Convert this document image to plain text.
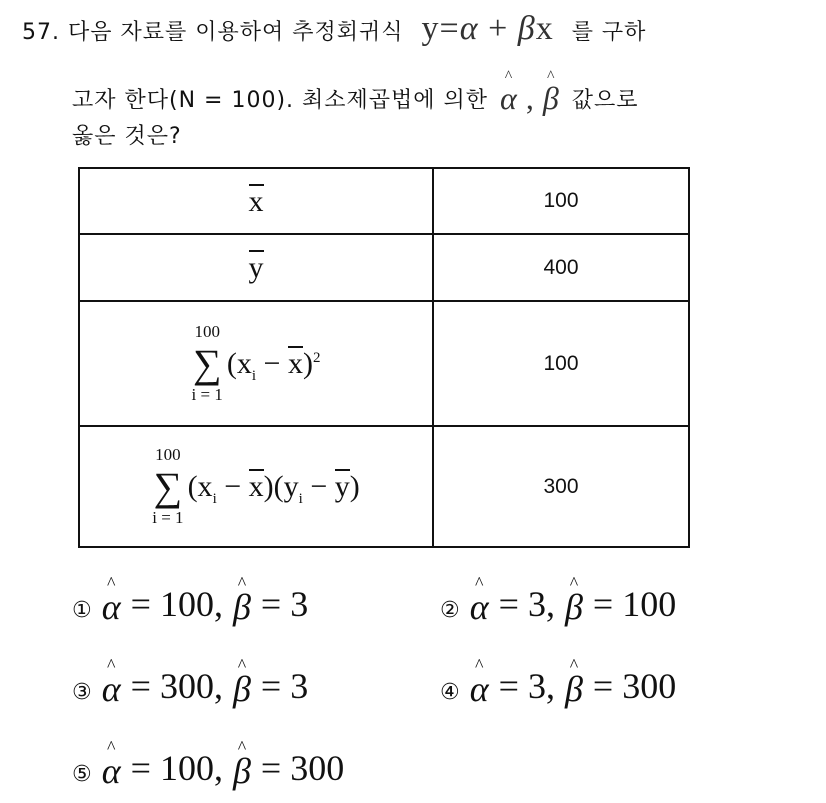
57. 다음 자료를 이용하여 추정회귀식 y=α + βx 를 구하
고자 한다(N = 100). 최소제곱법에 의한 ^ α , ^ β 값으로
옳은 것은?
x	100
y	400

100
∑
i = 1
$(x_i - x)^2$	100

100
∑
i = 1
$(x_i - x)(y_i - y)$	300
① ^ α = 100, ^ β = 3	② ^ α = 3, ^ β = 100
③ ^ α = 300, ^ β = 3	④ ^ α = 3, ^ β = 300
⑤ ^ α = 100, ^ β = 300
